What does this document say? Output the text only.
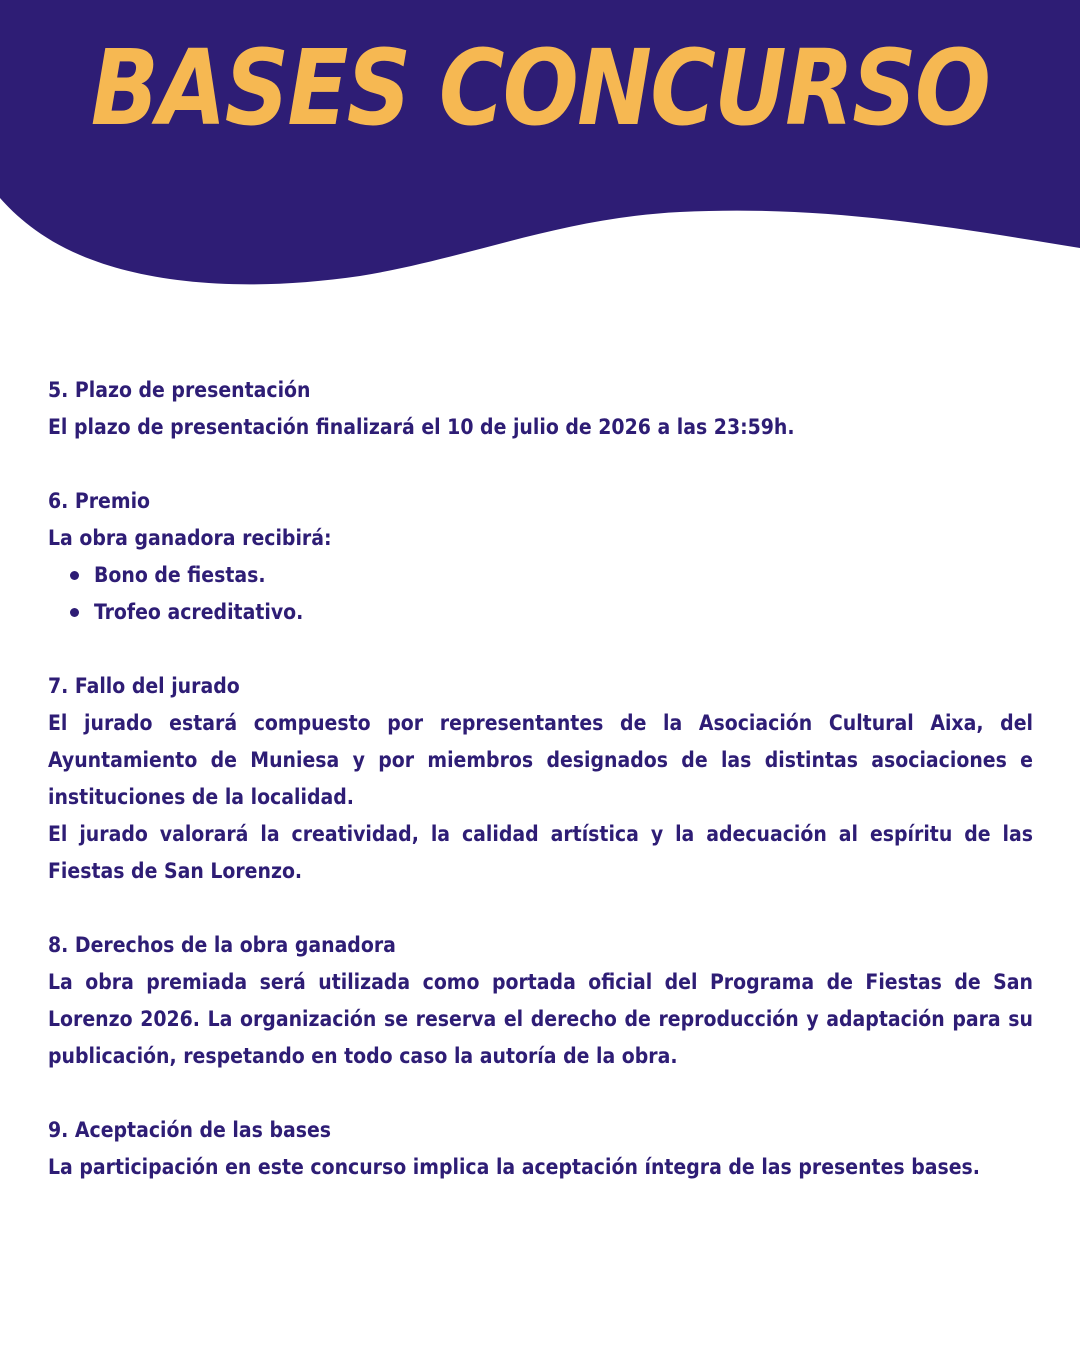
BASES CONCURSO
5. Plazo de presentación

El plazo de presentación finalizará el 10 de julio de 2026 a las 23:59h.

6. Premio

La obra ganadora recibirá:

Bono de fiestas.
Trofeo acreditativo.
7. Fallo del jurado

El jurado estará compuesto por representantes de la Asociación Cultural Aixa, del Ayuntamiento de Muniesa y por miembros designados de las distintas asociaciones e instituciones de la localidad.

El jurado valorará la creatividad, la calidad artística y la adecuación al espíritu de las Fiestas de San Lorenzo.

8. Derechos de la obra ganadora

La obra premiada será utilizada como portada oficial del Programa de Fiestas de San Lorenzo 2026. La organización se reserva el derecho de reproducción y adaptación para su publicación, respetando en todo caso la autoría de la obra.

9. Aceptación de las bases

La participación en este concurso implica la aceptación íntegra de las presentes bases.
